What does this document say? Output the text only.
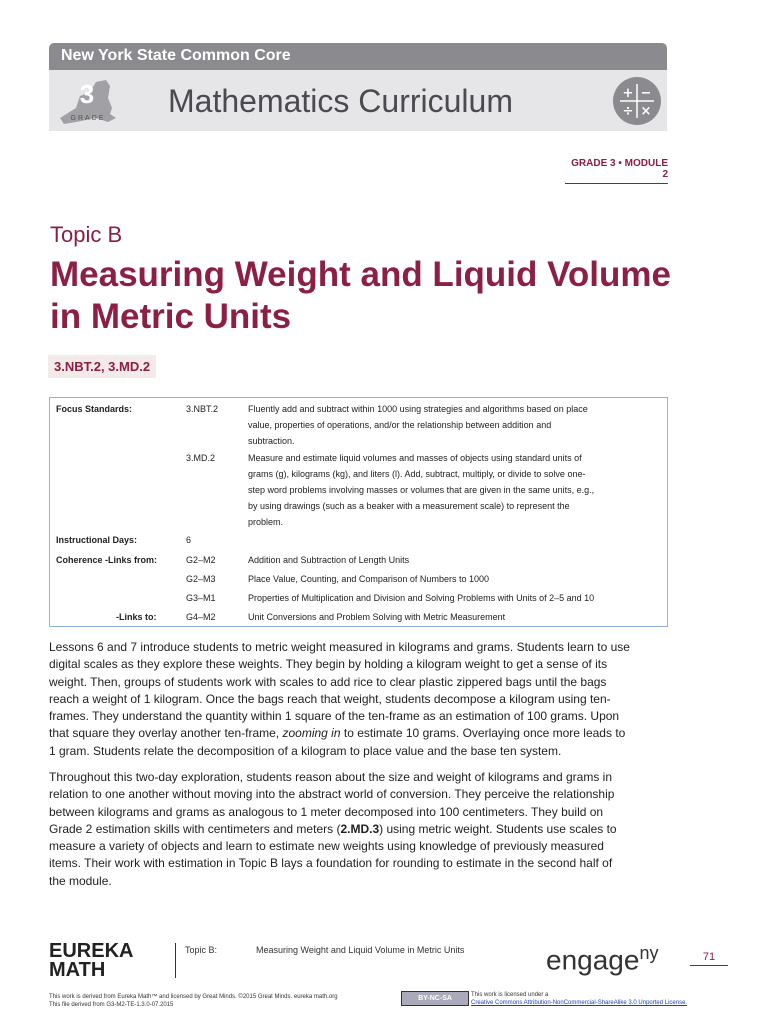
New York State Common Core
3
GRADE Mathematics Curriculum	+ −
÷ ×
GRADE 3 • MODULE 2
Topic B
Measuring Weight and Liquid Volume
in Metric Units
3.NBT.2, 3.MD.2
Focus Standards:	3.NBT.2	Fluently add and subtract within 1000 using strategies and algorithms based on place
value, properties of operations, and/or the relationship between addition and
subtraction.
3.MD.2	Measure and estimate liquid volumes and masses of objects using standard units of
grams (g), kilograms (kg), and liters (l). Add, subtract, multiply, or divide to solve one-
step word problems involving masses or volumes that are given in the same units, e.g.,
by using drawings (such as a beaker with a measurement scale) to represent the
problem.
Instructional Days:	6
Coherence -Links from:	G2–M2	Addition and Subtraction of Length Units
G2–M3	Place Value, Counting, and Comparison of Numbers to 1000
G3–M1	Properties of Multiplication and Division and Solving Problems with Units of 2–5 and 10
-Links to:	G4–M2	Unit Conversions and Problem Solving with Metric Measurement
Lessons 6 and 7 introduce students to metric weight measured in kilograms and grams. Students learn to use
digital scales as they explore these weights. They begin by holding a kilogram weight to get a sense of its
weight. Then, groups of students work with scales to add rice to clear plastic zippered bags until the bags
reach a weight of 1 kilogram. Once the bags reach that weight, students decompose a kilogram using ten-
frames. They understand the quantity within 1 square of the ten-frame as an estimation of 100 grams. Upon
that square they overlay another ten-frame, zooming in to estimate 10 grams. Overlaying once more leads to
1 gram. Students relate the decomposition of a kilogram to place value and the base ten system.
Throughout this two-day exploration, students reason about the size and weight of kilograms and grams in
relation to one another without moving into the abstract world of conversion. They perceive the relationship
between kilograms and grams as analogous to 1 meter decomposed into 100 centimeters. They build on
Grade 2 estimation skills with centimeters and meters (2.MD.3) using metric weight. Students use scales to
measure a variety of objects and learn to estimate new weights using knowledge of previously measured
items. Their work with estimation in Topic B lays a foundation for rounding to estimate in the second half of
the module.
EUREKA
MATH
Topic B:	Measuring Weight and Liquid Volume in Metric Units	engage$^{ny}$	71
This work is derived from Eureka Math™ and licensed by Great Minds. ©2015 Great Minds. eureka math.org
This file derived from G3-M2-TE-1.3.0-07.2015
BY-NC-SA	This work is licensed under a
Creative Commons Attribution-NonCommercial-ShareAlike 3.0 Unported License.
